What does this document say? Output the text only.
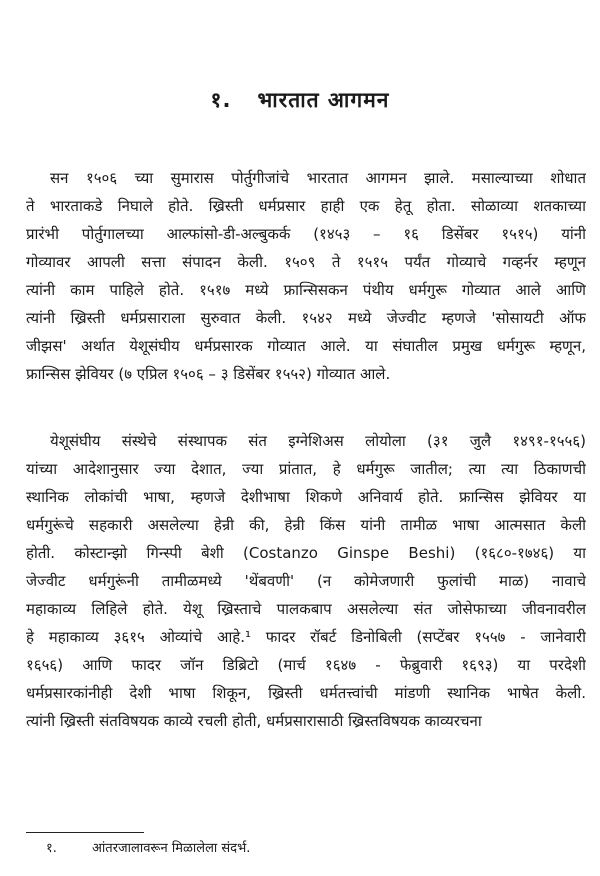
१. भारतात आगमन
सन १५०६ च्या सुमारास पोर्तुगीजांचे भारतात आगमन झाले. मसाल्याच्या शोधात
ते भारताकडे निघाले होते. ख्रिस्ती धर्मप्रसार हाही एक हेतू होता. सोळाव्या शतकाच्या
प्रारंभी पोर्तुगालच्या आल्फांसो-डी-अल्बुकर्क (१४५३ – १६ डिसेंबर १५१५) यांनी
गोव्यावर आपली सत्ता संपादन केली. १५०९ ते १५१५ पर्यंत गोव्याचे गव्हर्नर म्हणून
त्यांनी काम पाहिले होते. १५१७ मध्ये फ्रान्सिसकन पंथीय धर्मगुरू गोव्यात आले आणि
त्यांनी ख्रिस्ती धर्मप्रसाराला सुरुवात केली. १५४२ मध्ये जेज्वीट म्हणजे 'सोसायटी ऑफ
जीझस' अर्थात येशूसंघीय धर्मप्रसारक गोव्यात आले. या संघातील प्रमुख धर्मगुरू म्हणून,
फ्रान्सिस झेवियर (७ एप्रिल १५०६ – ३ डिसेंबर १५५२) गोव्यात आले.
येशूसंघीय संस्थेचे संस्थापक संत इग्नेशिअस लोयोला (३१ जुलै १४९१-१५५६)
यांच्या आदेशानुसार ज्या देशात, ज्या प्रांतात, हे धर्मगुरू जातील; त्या त्या ठिकाणची
स्थानिक लोकांची भाषा, म्हणजे देशीभाषा शिकणे अनिवार्य होते. फ्रान्सिस झेवियर या
धर्मगुरूंचे सहकारी असलेल्या हेन्री की, हेन्री किंस यांनी तामीळ भाषा आत्मसात केली
होती. कोस्टान्झो गिन्स्पी बेशी (Costanzo Ginspe Beshi) (१६८०-१७४६) या
जेज्वीट धर्मगुरूंनी तामीळमध्ये 'थेंबवणी' (न कोमेजणारी फुलांची माळ) नावाचे
महाकाव्य लिहिले होते. येशू ख्रिस्ताचे पालकबाप असलेल्या संत जोसेफाच्या जीवनावरील
हे महाकाव्य ३६१५ ओव्यांचे आहे.¹ फादर रॉबर्ट डिनोबिली (सप्टेंबर १५५७ - जानेवारी
१६५६) आणि फादर जॉन डिब्रिटो (मार्च १६४७ - फेब्रुवारी १६९३) या परदेशी
धर्मप्रसारकांनीही देशी भाषा शिकून, ख्रिस्ती धर्मतत्त्वांची मांडणी स्थानिक भाषेत केली.
त्यांनी ख्रिस्ती संतविषयक काव्ये रचली होती, धर्मप्रसारासाठी ख्रिस्तविषयक काव्यरचना
१.	आंतरजालावरून मिळालेला संदर्भ.
